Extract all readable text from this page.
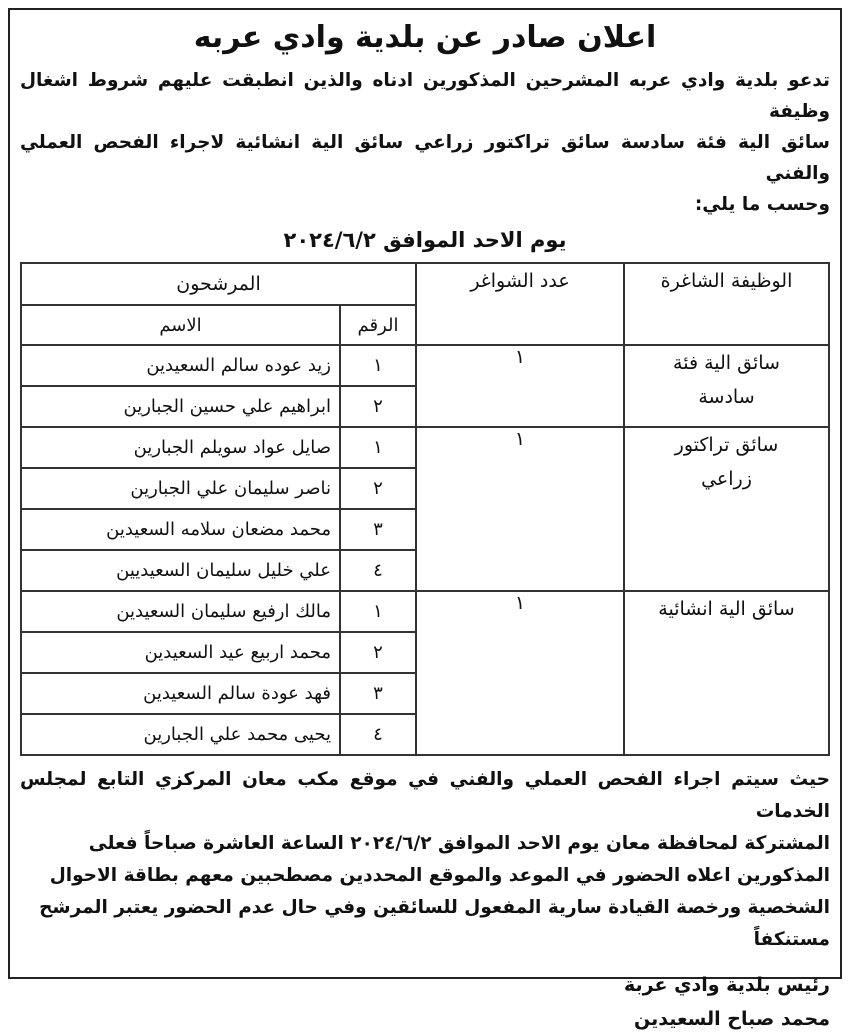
اعلان صادر عن بلدية وادي عربه
تدعو بلدية وادي عربه المشرحين المذكورين ادناه والذين انطبقت عليهم شروط اشغال وظيفة
سائق الية فئة سادسة سائق تراكتور زراعي سائق الية انشائية لاجراء الفحص العملي والفني
وحسب ما يلي:
يوم الاحد الموافق ٢٠٢٤/٦/٢
الوظيفة الشاغرة	عدد الشواغر	المرشحون	
		الرقم	الاسم

سائق الية فئة
سادسة	١	١	زيد عوده سالم السعيدين
		٢	ابراهيم علي حسين الجبارين

سائق تراكتور
زراعي	١	١	صايل عواد سويلم الجبارين
		٢	ناصر سليمان علي الجبارين
		٣	محمد مضعان سلامه السعيدين
		٤	علي خليل سليمان السعيديين

سائق الية انشائية	١	١	مالك ارفيع سليمان السعيدين
		٢	محمد اربيع عيد السعيدين
		٣	فهد عودة سالم السعيدين
		٤	يحيى محمد علي الجبارين
حيث سيتم اجراء الفحص العملي والفني في موقع مكب معان المركزي التابع لمجلس الخدمات
المشتركة لمحافظة معان يوم الاحد الموافق ٢٠٢٤/٦/٢ الساعة العاشرة صباحاً فعلى
المذكورين اعلاه الحضور في الموعد والموقع المحددين مصطحبين معهم بطاقة الاحوال
الشخصية ورخصة القيادة سارية المفعول للسائقين وفي حال عدم الحضور يعتبر المرشح
مستنكفاً
رئيس بلدية وادي عربة
محمد صباح السعيدين
